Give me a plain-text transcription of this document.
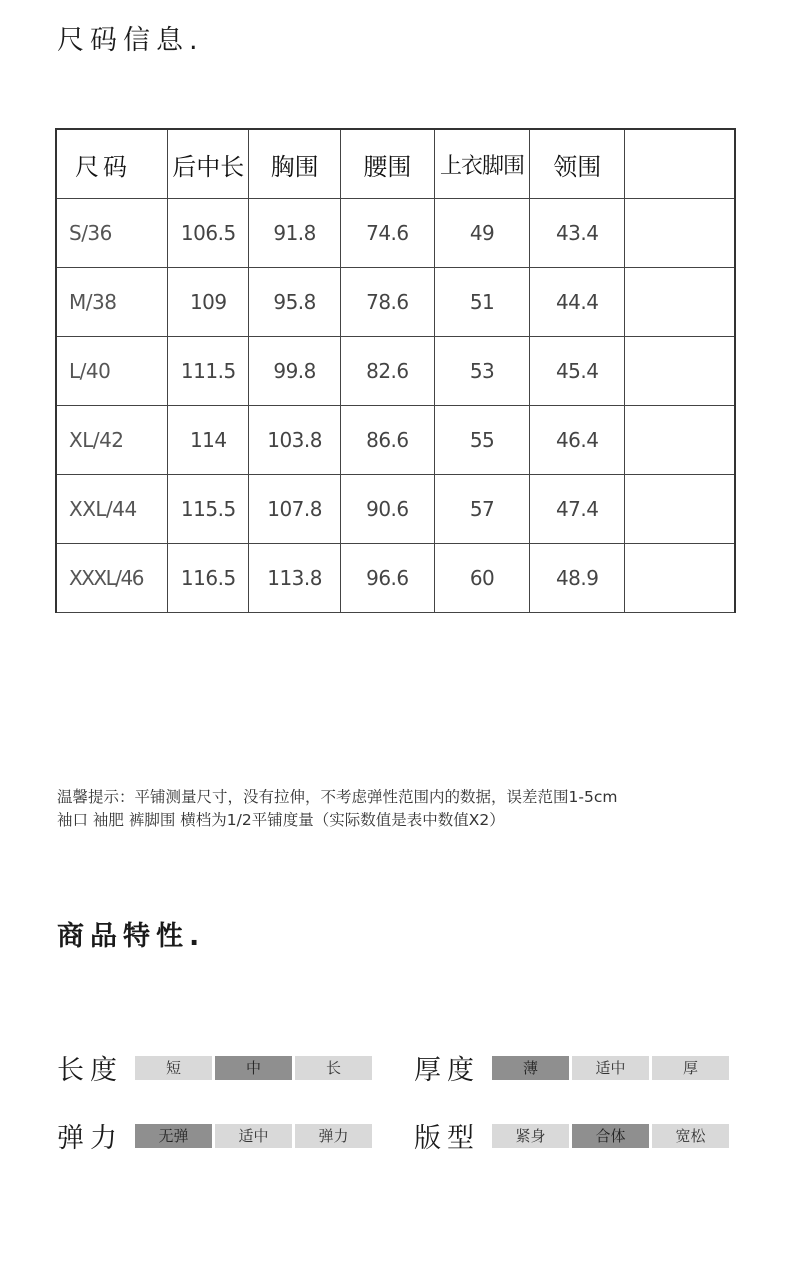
尺码信息.
尺码	后中长	胸围	腰围	上衣脚围	领围	
S/36	106.5	91.8	74.6	49	43.4	
M/38	109	95.8	78.6	51	44.4	
L/40	111.5	99.8	82.6	53	45.4	
XL/42	114	103.8	86.6	55	46.4	
XXL/44	115.5	107.8	90.6	57	47.4	
XXXL/46	116.5	113.8	96.6	60	48.9	
温馨提示：平铺测量尺寸，没有拉伸，不考虑弹性范围内的数据，误差范围1-5cm
袖口 袖肥 裤脚围 横档为1/2平铺度量（实际数值是表中数值X2）
商品特性.
长度	短	中	长	厚度	薄	适中	厚
弹力	无弹	适中	弹力	版型	紧身	合体	宽松
